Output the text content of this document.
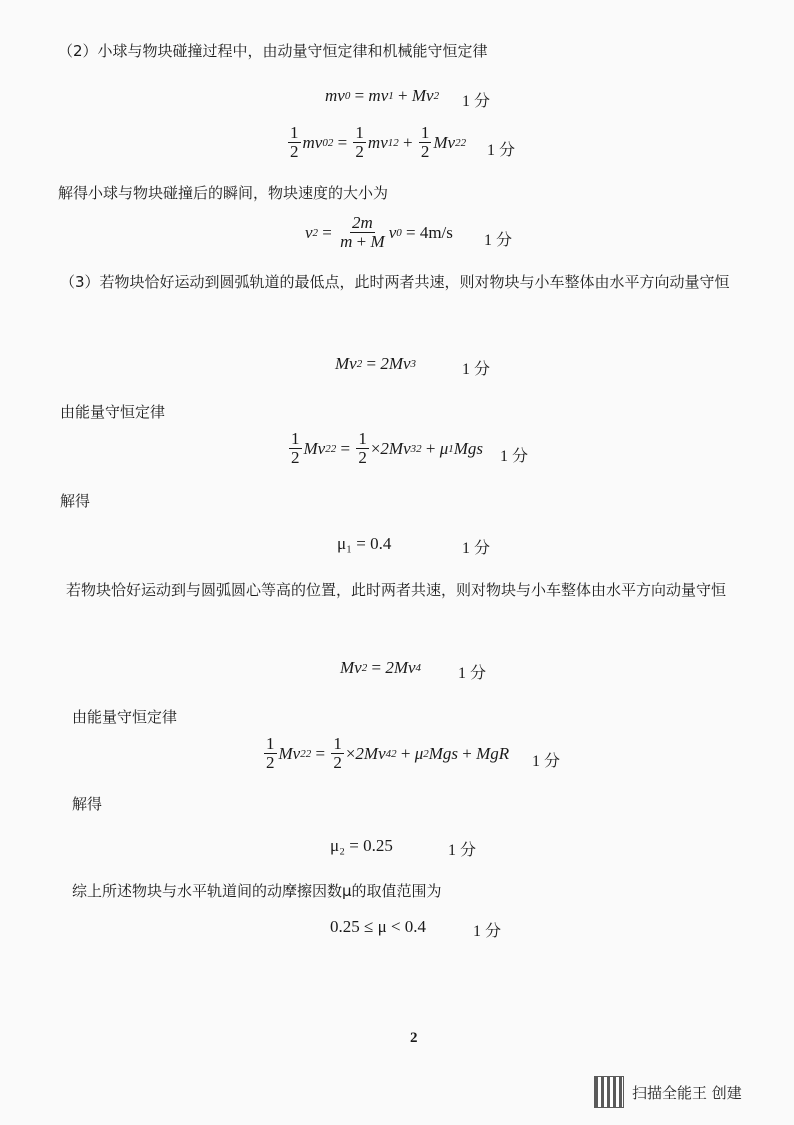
（2）小球与物块碰撞过程中，由动量守恒定律和机械能守恒定律
mv 0
= mv 1
+ Mv 2 1 分
$\frac{1}{2}$ mv 0 2
=
$\frac{1}{2}$ mv 1 2
+
$\frac{1}{2}$ Mv 2 2 1 分
解得小球与物块碰撞后的瞬间，物块速度的大小为
v 2
=
$\frac{2m}{m + M}$ v 0
= 4m/s 1 分
（3）若物块恰好运动到圆弧轨道的最低点，此时两者共速，则对物块与小车整体由水平方向动量守恒
Mv 2
= 2Mv 3	1 分
由能量守恒定律
$\frac{1}{2}$ Mv 2 2
=
$\frac{1}{2} \times 2Mv$ 3 2
+ μ 1 Mgs 1 分
解得
μ₁ = 0.4	1 分
若物块恰好运动到与圆弧圆心等高的位置，此时两者共速，则对物块与小车整体由水平方向动量守恒
Mv 2
= 2Mv 4 1 分
由能量守恒定律
$\frac{1}{2}$ Mv 2 2
=
$\frac{1}{2} \times 2Mv$ 4 2
+ μ 2 Mgs + MgR 1 分
解得
μ₂ = 0.25	1 分
综上所述物块与水平轨道间的动摩擦因数μ的取值范围为
0.25 ≤ μ < 0.4	1 分
2
扫描全能王 创建
